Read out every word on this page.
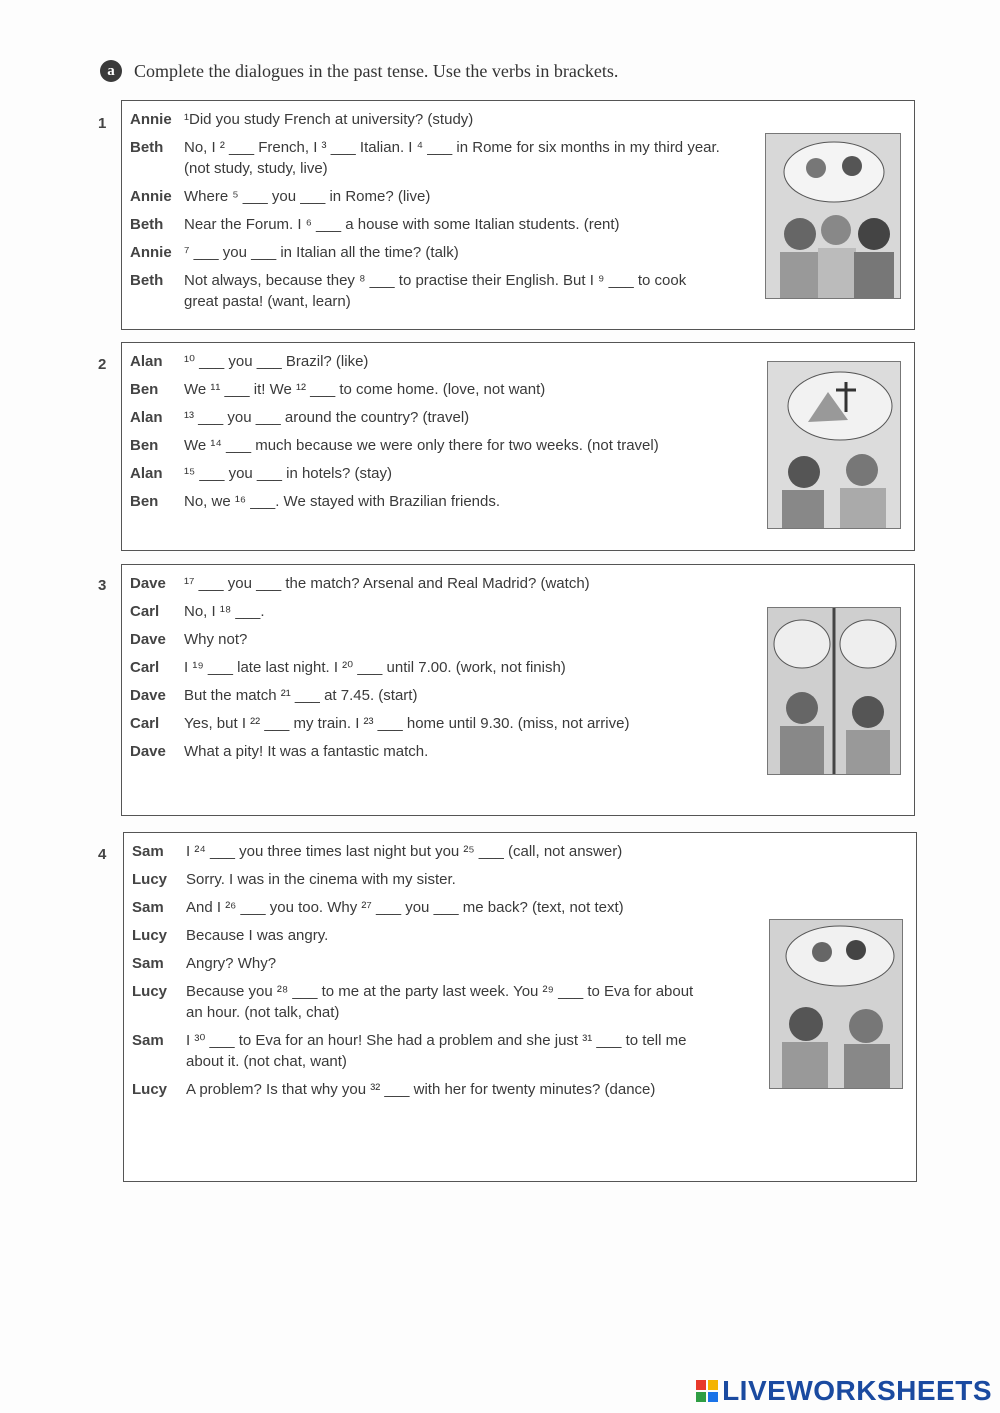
a	Complete the dialogues in the past tense. Use the verbs in brackets.
1 Annie ¹Did you study French at university? (study)
Beth	No, I ² ___ French, I ³ ___ Italian. I ⁴ ___ in Rome for six months in my third year. (not study, study, live)
Annie Where ⁵ ___ you ___ in Rome? (live)
Beth	Near the Forum. I ⁶ ___ a house with some Italian students. (rent)
Annie ⁷ ___ you ___ in Italian all the time? (talk)
Beth	Not always, because they ⁸ ___ to practise their English. But I ⁹ ___ to cook great pasta! (want, learn)
2 Alan	¹⁰ ___ you ___ Brazil? (like)
Ben	We ¹¹ ___ it! We ¹² ___ to come home. (love, not want)
Alan	¹³ ___ you ___ around the country? (travel)
Ben	We ¹⁴ ___ much because we were only there for two weeks. (not travel)
Alan	¹⁵ ___ you ___ in hotels? (stay)
Ben	No, we ¹⁶ ___. We stayed with Brazilian friends.
3 Dave	¹⁷ ___ you ___ the match? Arsenal and Real Madrid? (watch)
Carl	No, I ¹⁸ ___.
Dave	Why not?
Carl	I ¹⁹ ___ late last night. I ²⁰ ___ until 7.00. (work, not finish)
Dave	But the match ²¹ ___ at 7.45. (start)
Carl	Yes, but I ²² ___ my train. I ²³ ___ home until 9.30. (miss, not arrive)
Dave	What a pity! It was a fantastic match.
4 Sam	I ²⁴ ___ you three times last night but you ²⁵ ___ (call, not answer)
Lucy	Sorry. I was in the cinema with my sister.
Sam	And I ²⁶ ___ you too. Why ²⁷ ___ you ___ me back? (text, not text)
Lucy	Because I was angry.
Sam	Angry? Why?
Lucy	Because you ²⁸ ___ to me at the party last week. You ²⁹ ___ to Eva for about an hour. (not talk, chat)
Sam	I ³⁰ ___ to Eva for an hour! She had a problem and she just ³¹ ___ to tell me about it. (not chat, want)
Lucy	A problem? Is that why you ³² ___ with her for twenty minutes? (dance)
LIVEWORKSHEETS
